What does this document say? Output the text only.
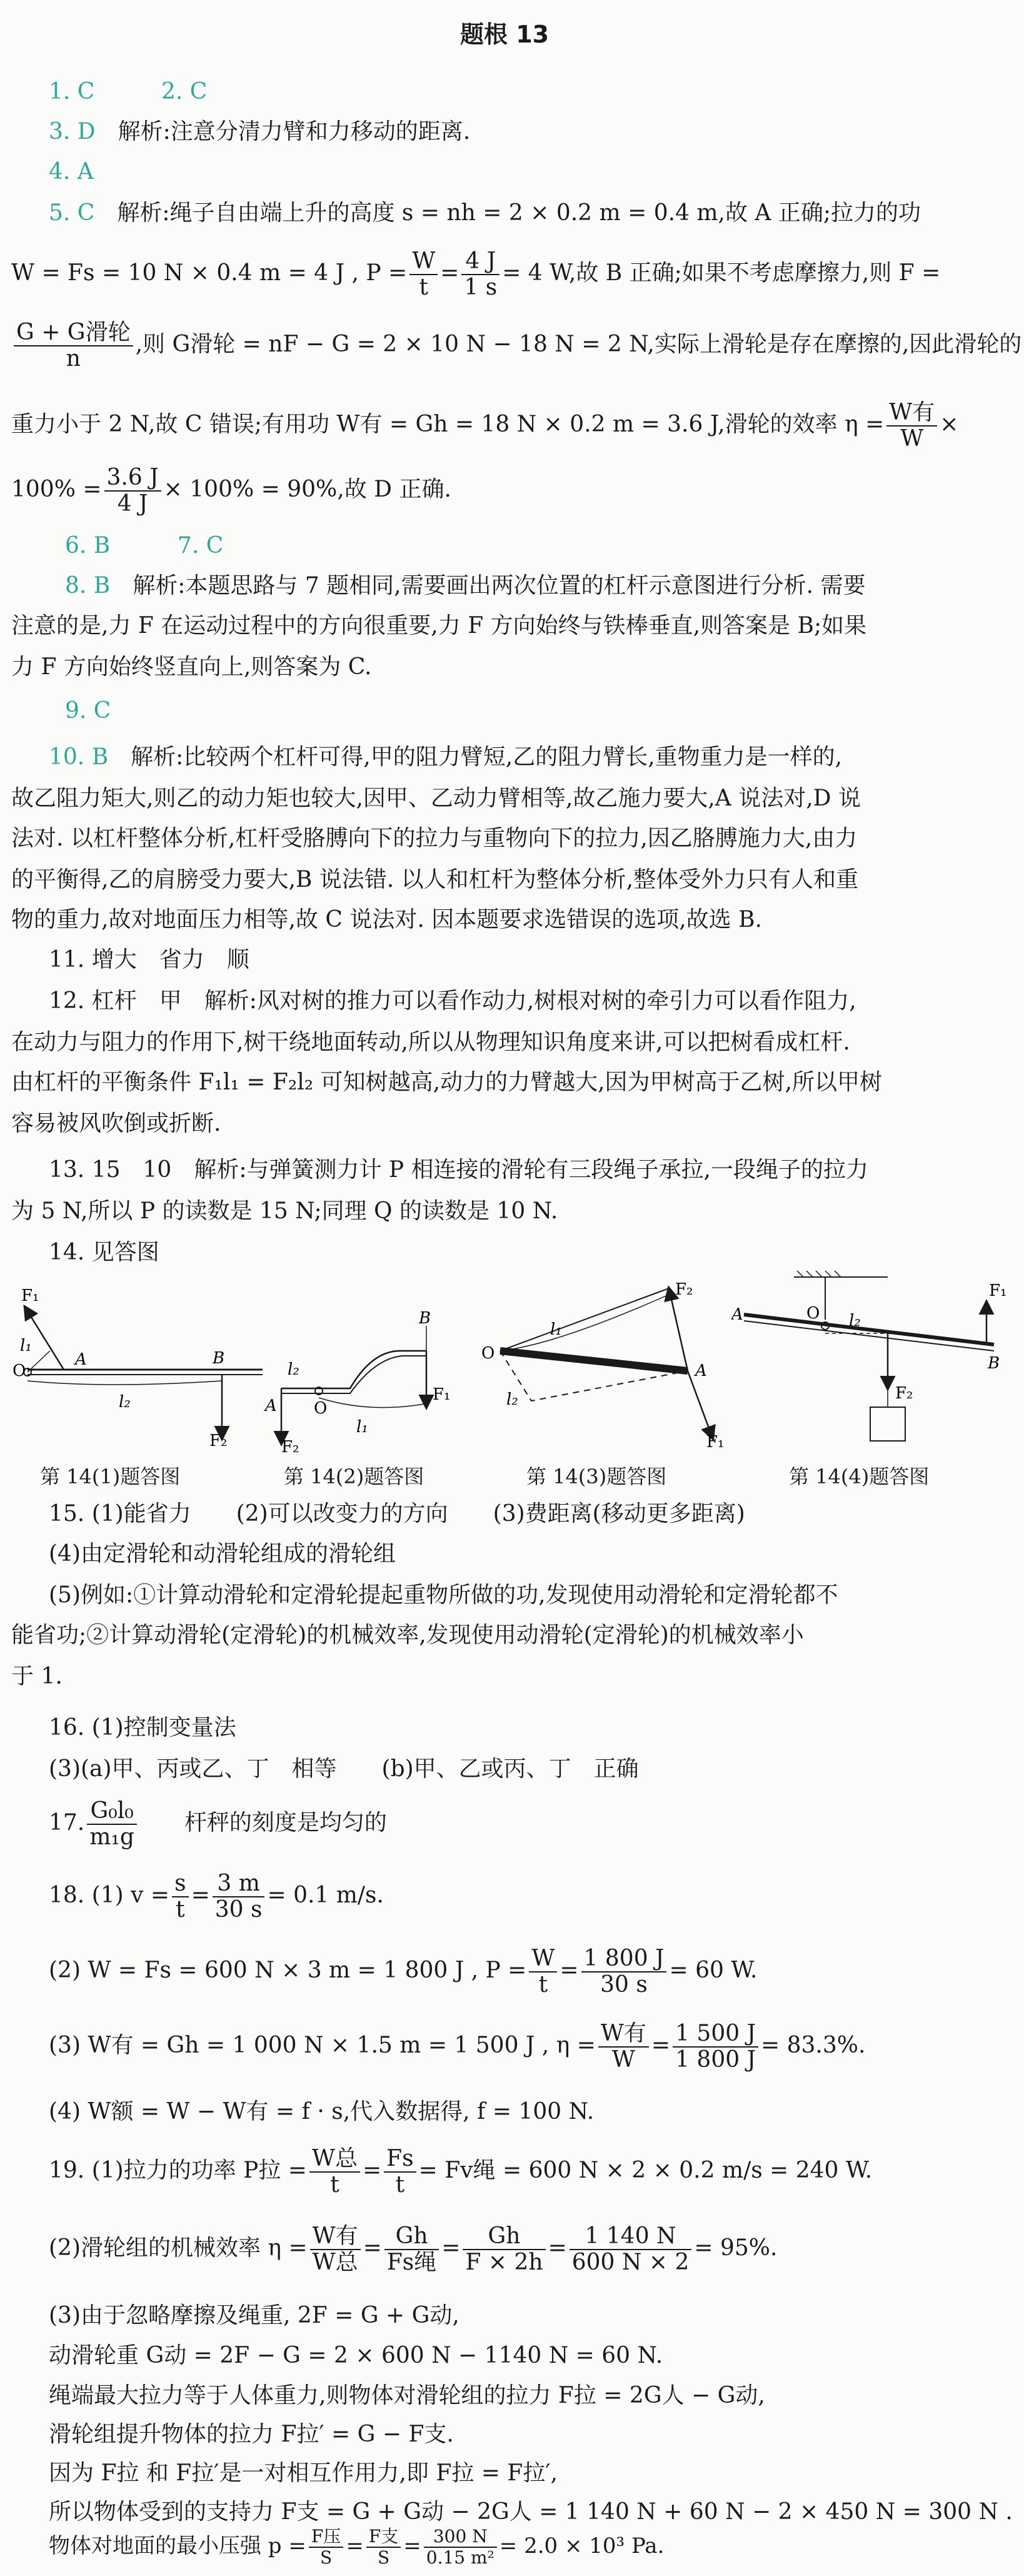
题根 13
1. C	2. C
3. D　 解析:注意分清力臂和力移动的距离.
4. A
5. C　 解析:绳子自由端上升的高度 s = nh = 2 × 0.2 m = 0.4 m,故 A 正确;拉力的功
W = Fs = 10 N × 0.4 m = 4 J , $P = \frac{W}{t} = \frac{4 J}{1 s} = 4$ W,故 B 正确;如果不考虑摩擦力,则 F =
G + G滑轮
n
,则 G滑轮 = nF − G = 2 × 10 N − 18 N = 2 N,实际上滑轮是存在摩擦的,因此滑轮的
重力小于 2 N,故 C 错误;有用功 W有 = Gh = 18 N × 0.2 m = 3.6 J,滑轮的效率 η = W有
W
×
$100\% = \frac{3.6 J}{4 J} \times 100\% = 90\%$,故 D 正确.
6. B	7. C
8. B　 解析:本题思路与 7 题相同,需要画出两次位置的杠杆示意图进行分析. 需要
注意的是,力 F 在运动过程中的方向很重要,力 F 方向始终与铁棒垂直,则答案是 B;如果
力 F 方向始终竖直向上,则答案为 C.
9. C
10. B　 解析:比较两个杠杆可得,甲的阻力臂短,乙的阻力臂长,重物重力是一样的,
故乙阻力矩大,则乙的动力矩也较大,因甲、乙动力臂相等,故乙施力要大,A 说法对,D 说
法对. 以杠杆整体分析,杠杆受胳膊向下的拉力与重物向下的拉力,因乙胳膊施力大,由力
的平衡得,乙的肩膀受力要大,B 说法错. 以人和杠杆为整体分析,整体受外力只有人和重
物的重力,故对地面压力相等,故 C 说法对. 因本题要求选错误的选项,故选 B.
11. 增大　省力　顺
12. 杠杆　甲　解析:风对树的推力可以看作动力,树根对树的牵引力可以看作阻力,
在动力与阻力的作用下,树干绕地面转动,所以从物理知识角度来讲,可以把树看成杠杆.
由杠杆的平衡条件 F₁l₁ = F₂l₂ 可知树越高,动力的力臂越大,因为甲树高于乙树,所以甲树
容易被风吹倒或折断.
13. 15　10　解析:与弹簧测力计 P 相连接的滑轮有三段绳子承拉,一段绳子的拉力
为 5 N,所以 P 的读数是 15 N;同理 Q 的读数是 10 N.
14. 见答图
F₁
l₁
O
A	B
l₂
F₂
l₂
B
A O
F₁
l₁
F₂
F₂
l₁
O
A
l₂
F₁
A	O l₂
F₁
B
F₂
第 14(1)题答图	第 14(2)题答图	第 14(3)题答图	第 14(4)题答图
15. (1)能省力　　(2)可以改变力的方向　　(3)费距离(移动更多距离)
(4)由定滑轮和动滑轮组成的滑轮组
(5)例如:①计算动滑轮和定滑轮提起重物所做的功,发现使用动滑轮和定滑轮都不
能省功;②计算动滑轮(定滑轮)的机械效率,发现使用动滑轮(定滑轮)的机械效率小
于 1.
16. (1)控制变量法
(3)(a)甲、丙或乙、丁　相等　　(b)甲、乙或丙、丁　正确
17. $\frac{\text{G₀l₀}}{\text{m₁g}}$
　　 杆秤的刻度是均匀的
18. (1) $v = \frac{s}{t} = \frac{3 m}{30 s} = 0.1$ m/s.
(2) W = Fs = 600 N × 3 m = 1 800 J , $P = \frac{W}{t} = \frac{1 800 J}{30 s} = 60$ W.
(3) W有 = Gh = 1 000 N × 1.5 m = 1 500 J , η = W有
W
= $\frac{1 500 J}{1 800 J} = 83.3\%$.
(4) W额 = W − W有 = f · s,代入数据得, f = 100 N.
19. (1)拉力的功率 P拉 = W总
t
= $\frac{Fs}{t} = Fv$绳 = 600 N × 2 × 0.2 m/s = 240 W.
(2)滑轮组的机械效率 η = W有
W总
= Gh
Fs绳
= $\frac{Gh}{F \times 2h} = \frac{1 140 N}{600 N \times 2} = 95\%$.
(3)由于忽略摩擦及绳重, 2F = G + G动,
动滑轮重 G动 = 2F − G = 2 × 600 N − 1140 N = 60 N.
绳端最大拉力等于人体重力,则物体对滑轮组的拉力 F拉 = 2G人 − G动,
滑轮组提升物体的拉力 F拉′ = G − F支.
因为 F拉 和 F拉′是一对相互作用力,即 F拉 = F拉′,
所以物体受到的支持力 F支 = G + G动 − 2G人 = 1 140 N + 60 N − 2 × 450 N = 300 N .
物体对地面的最小压强 p = F压
S = F支
$S = \frac{300 N}{\text{0.15 m²}} = 2.0 \times 10^3$ Pa.
